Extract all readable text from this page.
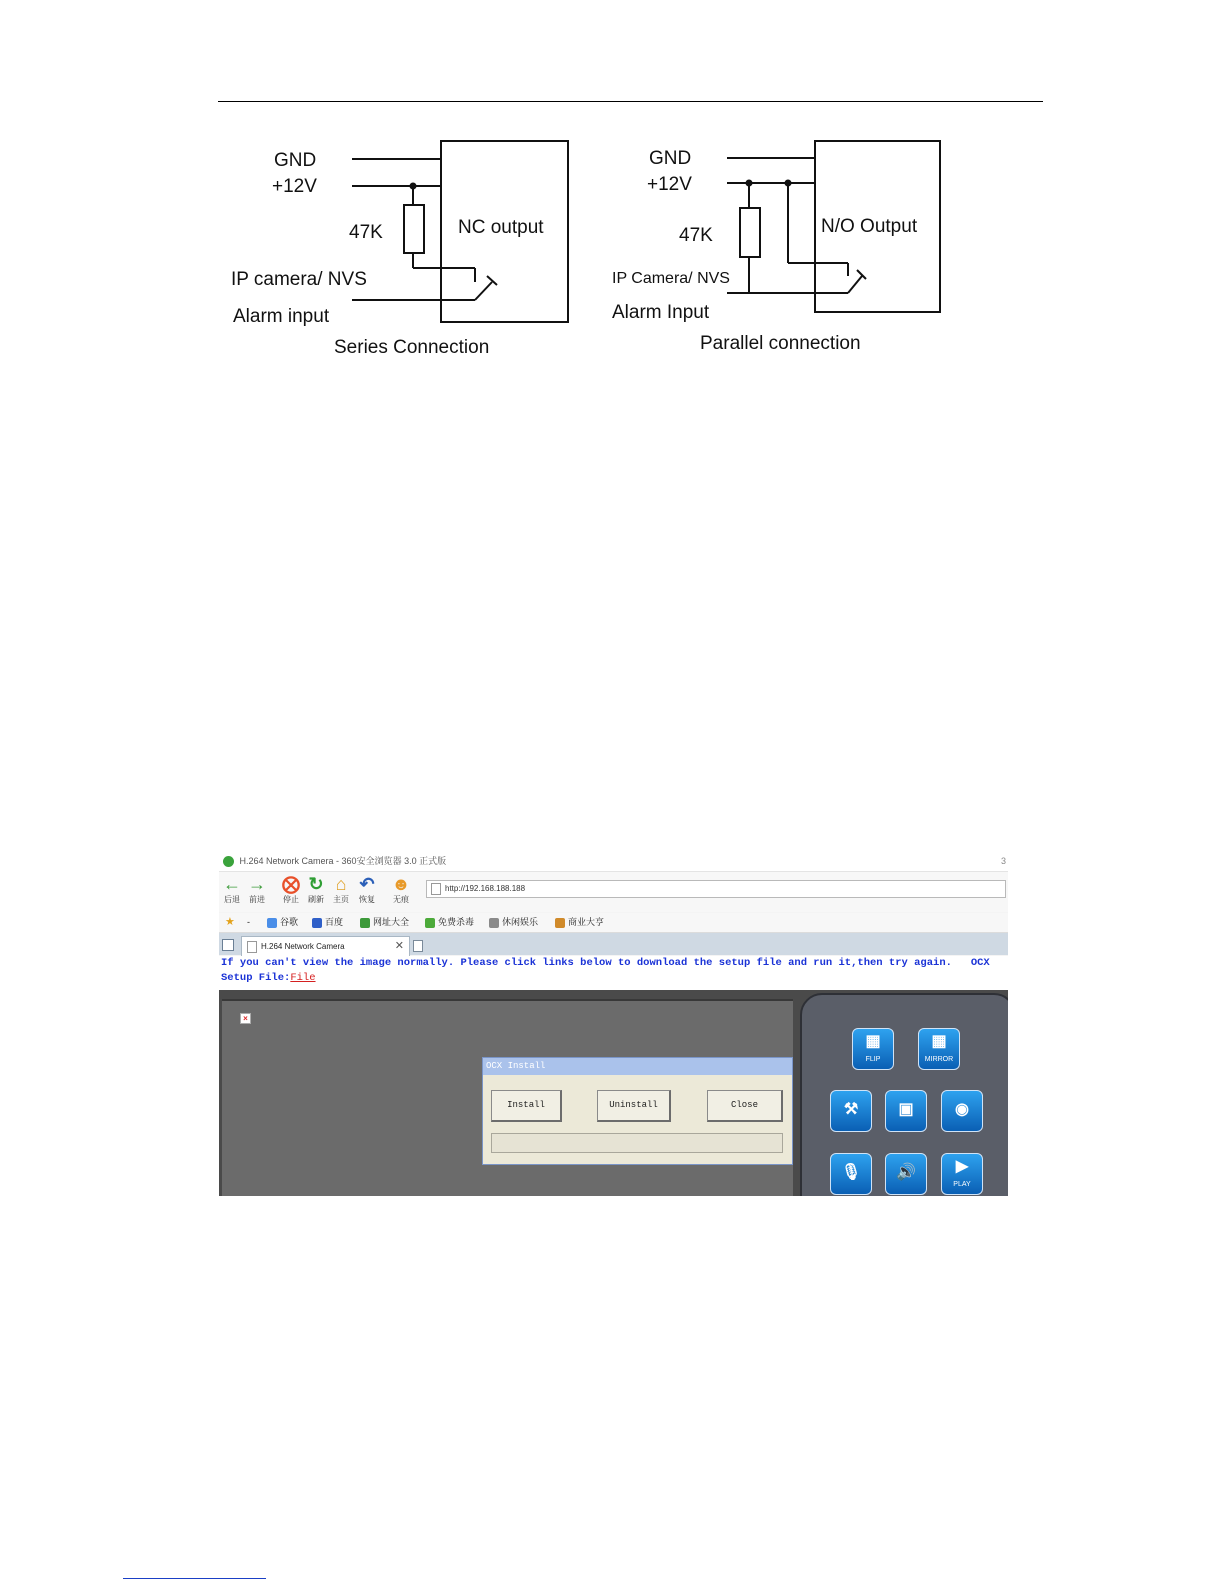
GND
+12V
47K	NC output
IP camera/ NVS
Alarm input
Series Connection
GND
+12V
47K	N/O Output
IP Camera/ NVS
Alarm Input
Parallel connection
H.264 Network Camera - 360安全浏览器 3.0 正式版	3
←
后退
→
前进
⨂
停止
↻
刷新
⌂
主页
↶
恢复
☻
无痕
http://192.168.188.188
★ -	谷歌	百度	网址大全	免费杀毒	休闲娱乐	商业大亨
H.264 Network Camera	✕
If you can't view the image normally. Please click links below to download the setup file and run it,then try again. OCX Setup File:File
×
OCX Install
Install	Uninstall	Close
▦
FLIP
▦
MIRROR
⚒	▣	◉
🎙	🔊	▶
PLAY
